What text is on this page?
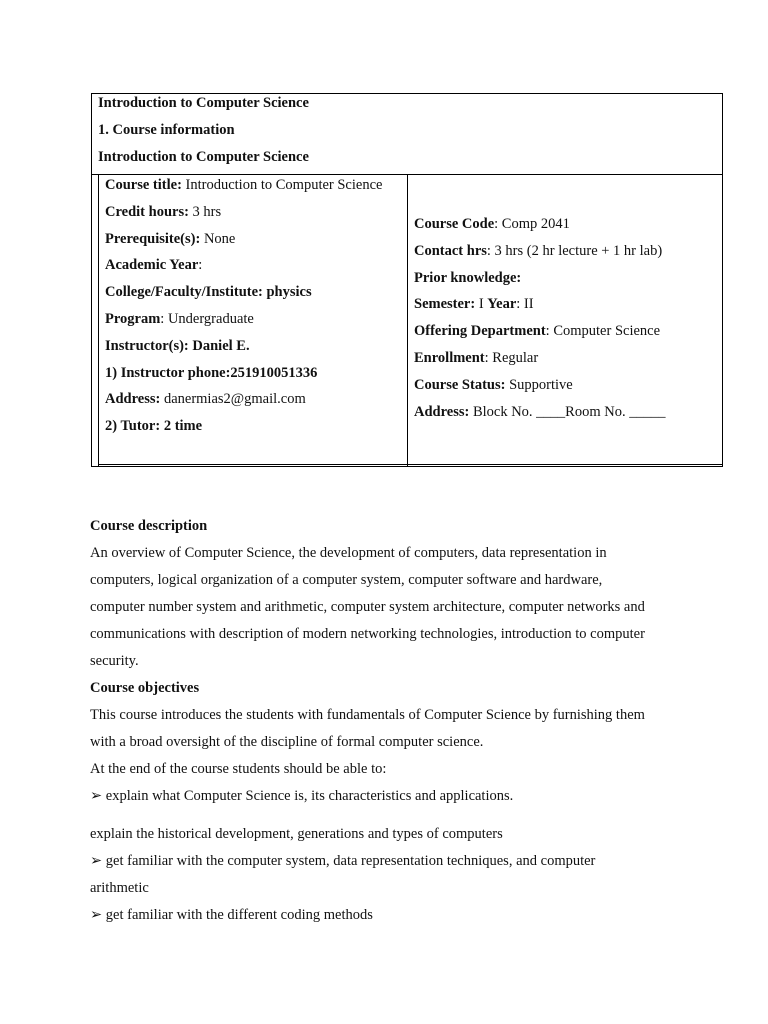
Introduction to Computer Science
1. Course information
Introduction to Computer Science
Course title: Introduction to Computer Science
Credit hours: 3 hrs
Prerequisite(s): None
Academic Year:
College/Faculty/Institute: physics
Program: Undergraduate
Instructor(s): Daniel E.
1) Instructor phone:251910051336
Address: danermias2@gmail.com
2) Tutor: 2 time
Course Code: Comp 2041
Contact hrs: 3 hrs (2 hr lecture + 1 hr lab)
Prior knowledge:
Semester: I Year: II
Offering Department: Computer Science
Enrollment: Regular
Course Status: Supportive
Address: Block No. ____Room No. _____
Course description
An overview of Computer Science, the development of computers, data representation in
computers, logical organization of a computer system, computer software and hardware,
computer number system and arithmetic, computer system architecture, computer networks and
communications with description of modern networking technologies, introduction to computer
security.
Course objectives
This course introduces the students with fundamentals of Computer Science by furnishing them
with a broad oversight of the discipline of formal computer science.
At the end of the course students should be able to:
➢ explain what Computer Science is, its characteristics and applications.
explain the historical development, generations and types of computers
➢ get familiar with the computer system, data representation techniques, and computer
arithmetic
➢ get familiar with the different coding methods
